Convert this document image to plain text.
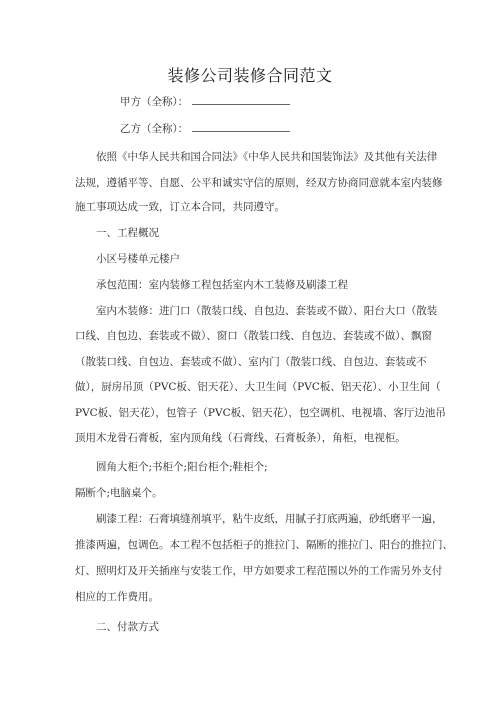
装修公司装修合同范文
甲方（全称）：
乙方（全称）：
依照《中华人民共和国合同法》《中华人民共和国装饰法》及其他有关法律
法规，遵循平等、自愿、公平和诚实守信的原则，经双方协商同意就本室内装修
施工事项达成一致，订立本合同，共同遵守。
一、工程概况
小区号楼单元楼户
承包范围：室内装修工程包括室内木工装修及刷漆工程
室内木装修：进门口（散装口线、自包边、套装或不做）、阳台大口（散装
口线、自包边、套装或不做）、窗口（散装口线、自包边、套装或不做）、飘窗
（散装口线、自包边、套装或不做）、室内门（散装口线、自包边、套装或不
做），厨房吊顶（PVC板、铝天花）、大卫生间（PVC板、铝天花）、小卫生间（
PVC板、铝天花），包管子（PVC板、铝天花），包空调机、电视墙、客厅边池吊
顶用木龙骨石膏板，室内顶角线（石膏线、石膏板条），角柜，电视柜。
圆角大柜个;书柜个;阳台柜个;鞋柜个;
隔断个;电脑桌个。
刷漆工程：石膏填缝剂填平，粘牛皮纸，用腻子打底两遍，砂纸磨平一遍，
推漆两遍，包调色。本工程不包括柜子的推拉门、隔断的推拉门、阳台的推拉门、
灯、照明灯及开关插座与安装工作，甲方如要求工程范围以外的工作需另外支付
相应的工作费用。
二、付款方式
